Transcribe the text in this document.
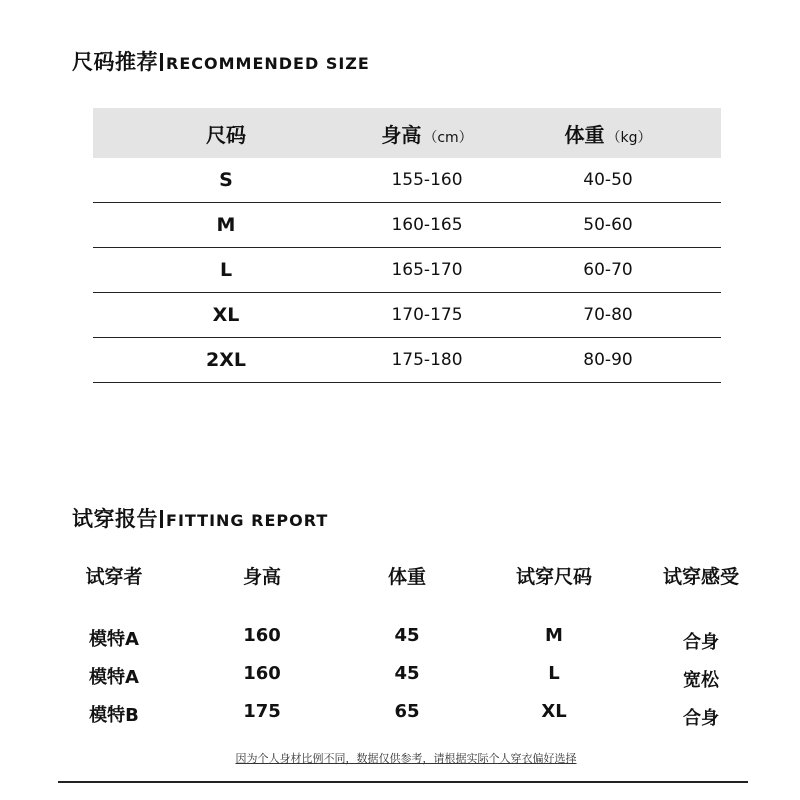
尺码推荐 RECOMMENDED SIZE
尺码	身高 （cm）	体重 （kg）
S	155-160	40-50
M	160-165	50-60
L	165-170	60-70
XL	170-175	70-80
2XL	175-180	80-90
试穿报告 FITTING REPORT
试穿者	身高	体重	试穿尺码	试穿感受
模特A	160	45	M	合身
模特A	160	45	L	宽松
模特B	175	65	XL	合身
因为个人身材比例不同，数据仅供参考，请根据实际个人穿衣偏好选择
